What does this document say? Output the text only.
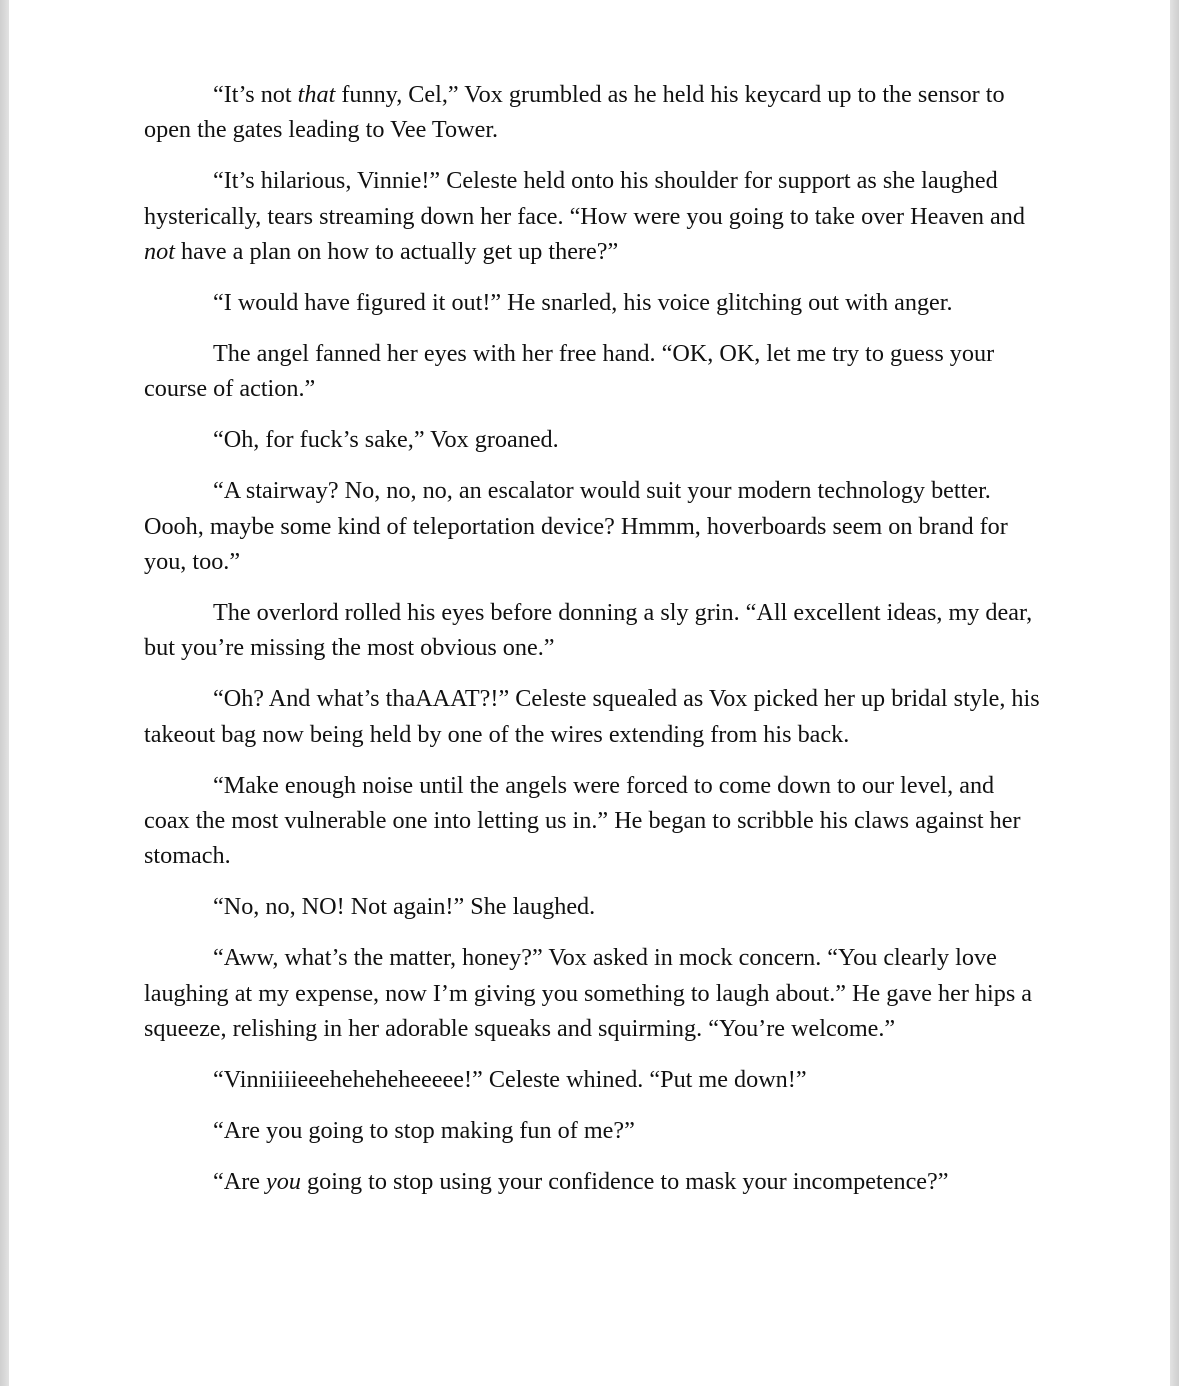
“It’s not that funny, Cel,” Vox grumbled as he held his keycard up to the sensor to open the gates leading to Vee Tower.

“It’s hilarious, Vinnie!” Celeste held onto his shoulder for support as she laughed hysterically, tears streaming down her face. “How were you going to take over Heaven and not have a plan on how to actually get up there?”

“I would have figured it out!” He snarled, his voice glitching out with anger.

The angel fanned her eyes with her free hand. “OK, OK, let me try to guess your course of action.”

“Oh, for fuck’s sake,” Vox groaned.

“A stairway? No, no, no, an escalator would suit your modern technology better. Oooh, maybe some kind of teleportation device? Hmmm, hoverboards seem on brand for you, too.”

The overlord rolled his eyes before donning a sly grin. “All excellent ideas, my dear, but you’re missing the most obvious one.”

“Oh? And what’s thaAAAT?!” Celeste squealed as Vox picked her up bridal style, his takeout bag now being held by one of the wires extending from his back.

“Make enough noise until the angels were forced to come down to our level, and coax the most vulnerable one into letting us in.” He began to scribble his claws against her stomach.

“No, no, NO! Not again!” She laughed.

“Aww, what’s the matter, honey?” Vox asked in mock concern. “You clearly love laughing at my expense, now I’m giving you something to laugh about.” He gave her hips a squeeze, relishing in her adorable squeaks and squirming. “You’re welcome.”

“Vinniiiieeeheheheheeeee!” Celeste whined. “Put me down!”

“Are you going to stop making fun of me?”

“Are you going to stop using your confidence to mask your incompetence?”
